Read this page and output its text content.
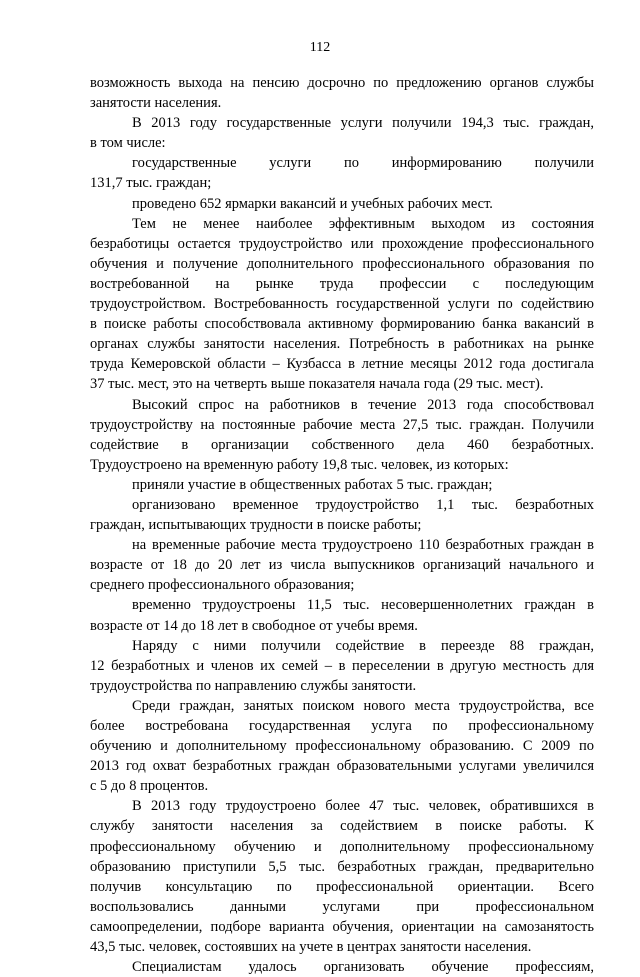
112
возможность выхода на пенсию досрочно по предложению органов службы
занятости населения.
В 2013 году государственные услуги получили 194,3 тыс. граждан,
в том числе:
государственные услуги по информированию получили
131,7 тыс. граждан;
проведено 652 ярмарки вакансий и учебных рабочих мест.
Тем не менее наиболее эффективным выходом из состояния
безработицы остается трудоустройство или прохождение профессионального
обучения и получение дополнительного профессионального образования по
востребованной на рынке труда профессии с последующим
трудоустройством. Востребованность государственной услуги по содействию
в поиске работы способствовала активному формированию банка вакансий в
органах службы занятости населения. Потребность в работниках на рынке
труда Кемеровской области – Кузбасса в летние месяцы 2012 года достигала
37 тыс. мест, это на четверть выше показателя начала года (29 тыс. мест).
Высокий спрос на работников в течение 2013 года способствовал
трудоустройству на постоянные рабочие места 27,5 тыс. граждан. Получили
содействие в организации собственного дела 460 безработных.
Трудоустроено на временную работу 19,8 тыс. человек, из которых:
приняли участие в общественных работах 5 тыс. граждан;
организовано временное трудоустройство 1,1 тыс. безработных
граждан, испытывающих трудности в поиске работы;
на временные рабочие места трудоустроено 110 безработных граждан в
возрасте от 18 до 20 лет из числа выпускников организаций начального и
среднего профессионального образования;
временно трудоустроены 11,5 тыс. несовершеннолетних граждан в
возрасте от 14 до 18 лет в свободное от учебы время.
Наряду с ними получили содействие в переезде 88 граждан,
12 безработных и членов их семей – в переселении в другую местность для
трудоустройства по направлению службы занятости.
Среди граждан, занятых поиском нового места трудоустройства, все
более востребована государственная услуга по профессиональному
обучению и дополнительному профессиональному образованию. С 2009 по
2013 год охват безработных граждан образовательными услугами увеличился
с 5 до 8 процентов.
В 2013 году трудоустроено более 47 тыс. человек, обратившихся в
службу занятости населения за содействием в поиске работы. К
профессиональному обучению и дополнительному профессиональному
образованию приступили 5,5 тыс. безработных граждан, предварительно
получив консультацию по профессиональной ориентации. Всего
воспользовались данными услугами при профессиональном
самоопределении, подборе варианта обучения, ориентации на самозанятость
43,5 тыс. человек, состоявших на учете в центрах занятости населения.
Специалистам удалось организовать обучение профессиям,
